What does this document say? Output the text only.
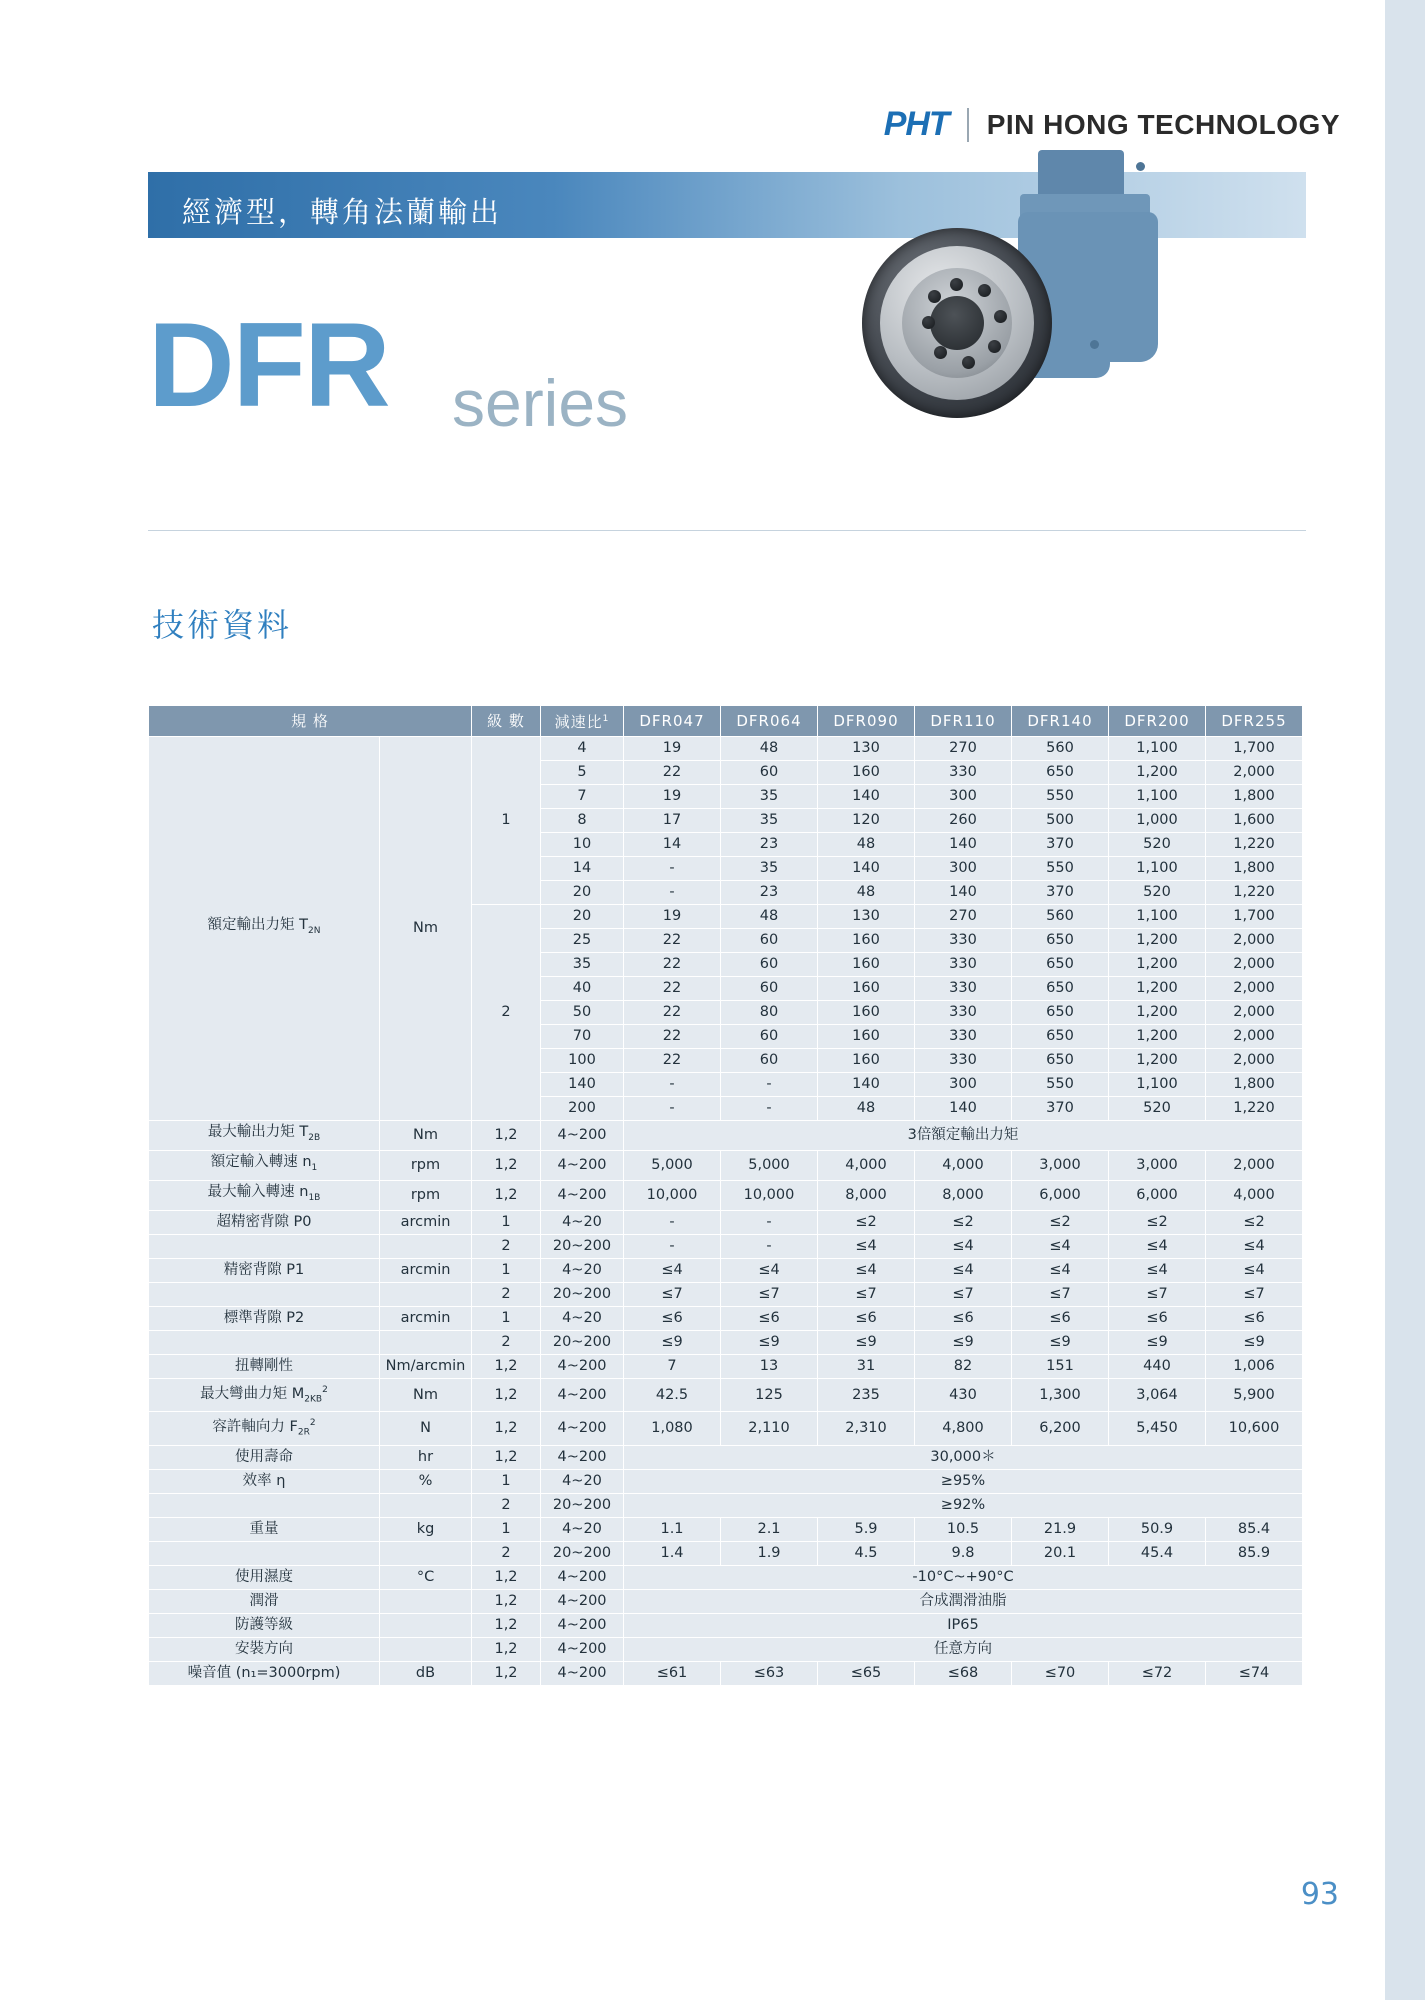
PHT PIN HONG TECHNOLOGY
經濟型，轉角法蘭輸出
DFR series
技術資料
規 格		級 數	減速比$^1$	DFR047	DFR064	DFR090	DFR110	DFR140	DFR200	DFR255
額定輸出力矩 $T_{2N}$	Nm	1	4	19	48	130	270	560	1,100	1,700
			5	22	60	160	330	650	1,200	2,000
			7	19	35	140	300	550	1,100	1,800
			8	17	35	120	260	500	1,000	1,600
			10	14	23	48	140	370	520	1,220
			14	-	35	140	300	550	1,100	1,800
			20	-	23	48	140	370	520	1,220
		2	20	19	48	130	270	560	1,100	1,700
			25	22	60	160	330	650	1,200	2,000
			35	22	60	160	330	650	1,200	2,000
			40	22	60	160	330	650	1,200	2,000
			50	22	80	160	330	650	1,200	2,000
			70	22	60	160	330	650	1,200	2,000
			100	22	60	160	330	650	1,200	2,000
			140	-	-	140	300	550	1,100	1,800
			200	-	-	48	140	370	520	1,220
最大輸出力矩 $T_{2B}$	Nm	1,2	4~200	3倍額定輸出力矩						
額定輸入轉速 $n_1$	rpm	1,2	4~200	5,000	5,000	4,000	4,000	3,000	3,000	2,000
最大輸入轉速 $n_{1B}$	rpm	1,2	4~200	10,000	10,000	8,000	8,000	6,000	6,000	4,000
超精密背隙 P0	arcmin	1	4~20	-	-	≤2	≤2	≤2	≤2	≤2
		2	20~200	-	-	≤4	≤4	≤4	≤4	≤4
精密背隙 P1	arcmin	1	4~20	≤4	≤4	≤4	≤4	≤4	≤4	≤4
		2	20~200	≤7	≤7	≤7	≤7	≤7	≤7	≤7
標準背隙 P2	arcmin	1	4~20	≤6	≤6	≤6	≤6	≤6	≤6	≤6
		2	20~200	≤9	≤9	≤9	≤9	≤9	≤9	≤9
扭轉剛性	Nm/arcmin	1,2	4~200	7	13	31	82	151	440	1,006
最大彎曲力矩 $M_{2KB}^2$	Nm	1,2	4~200	42.5	125	235	430	1,300	3,064	5,900
容許軸向力 $F_{2R}^2$	N	1,2	4~200	1,080	2,110	2,310	4,800	6,200	5,450	10,600
使用壽命	hr	1,2	4~200	30,000＊						
效率 η	%	1	4~20	≥95%						
		2	20~200	≥92%						
重量	kg	1	4~20	1.1	2.1	5.9	10.5	21.9	50.9	85.4
		2	20~200	1.4	1.9	4.5	9.8	20.1	45.4	85.9
使用濕度	°C	1,2	4~200	-10°C~+90°C						
潤滑		1,2	4~200	合成潤滑油脂						
防護等級		1,2	4~200	IP65						
安裝方向		1,2	4~200	任意方向						
噪音值 (n₁=3000rpm)	dB	1,2	4~200	≤61	≤63	≤65	≤68	≤70	≤72	≤74
93
